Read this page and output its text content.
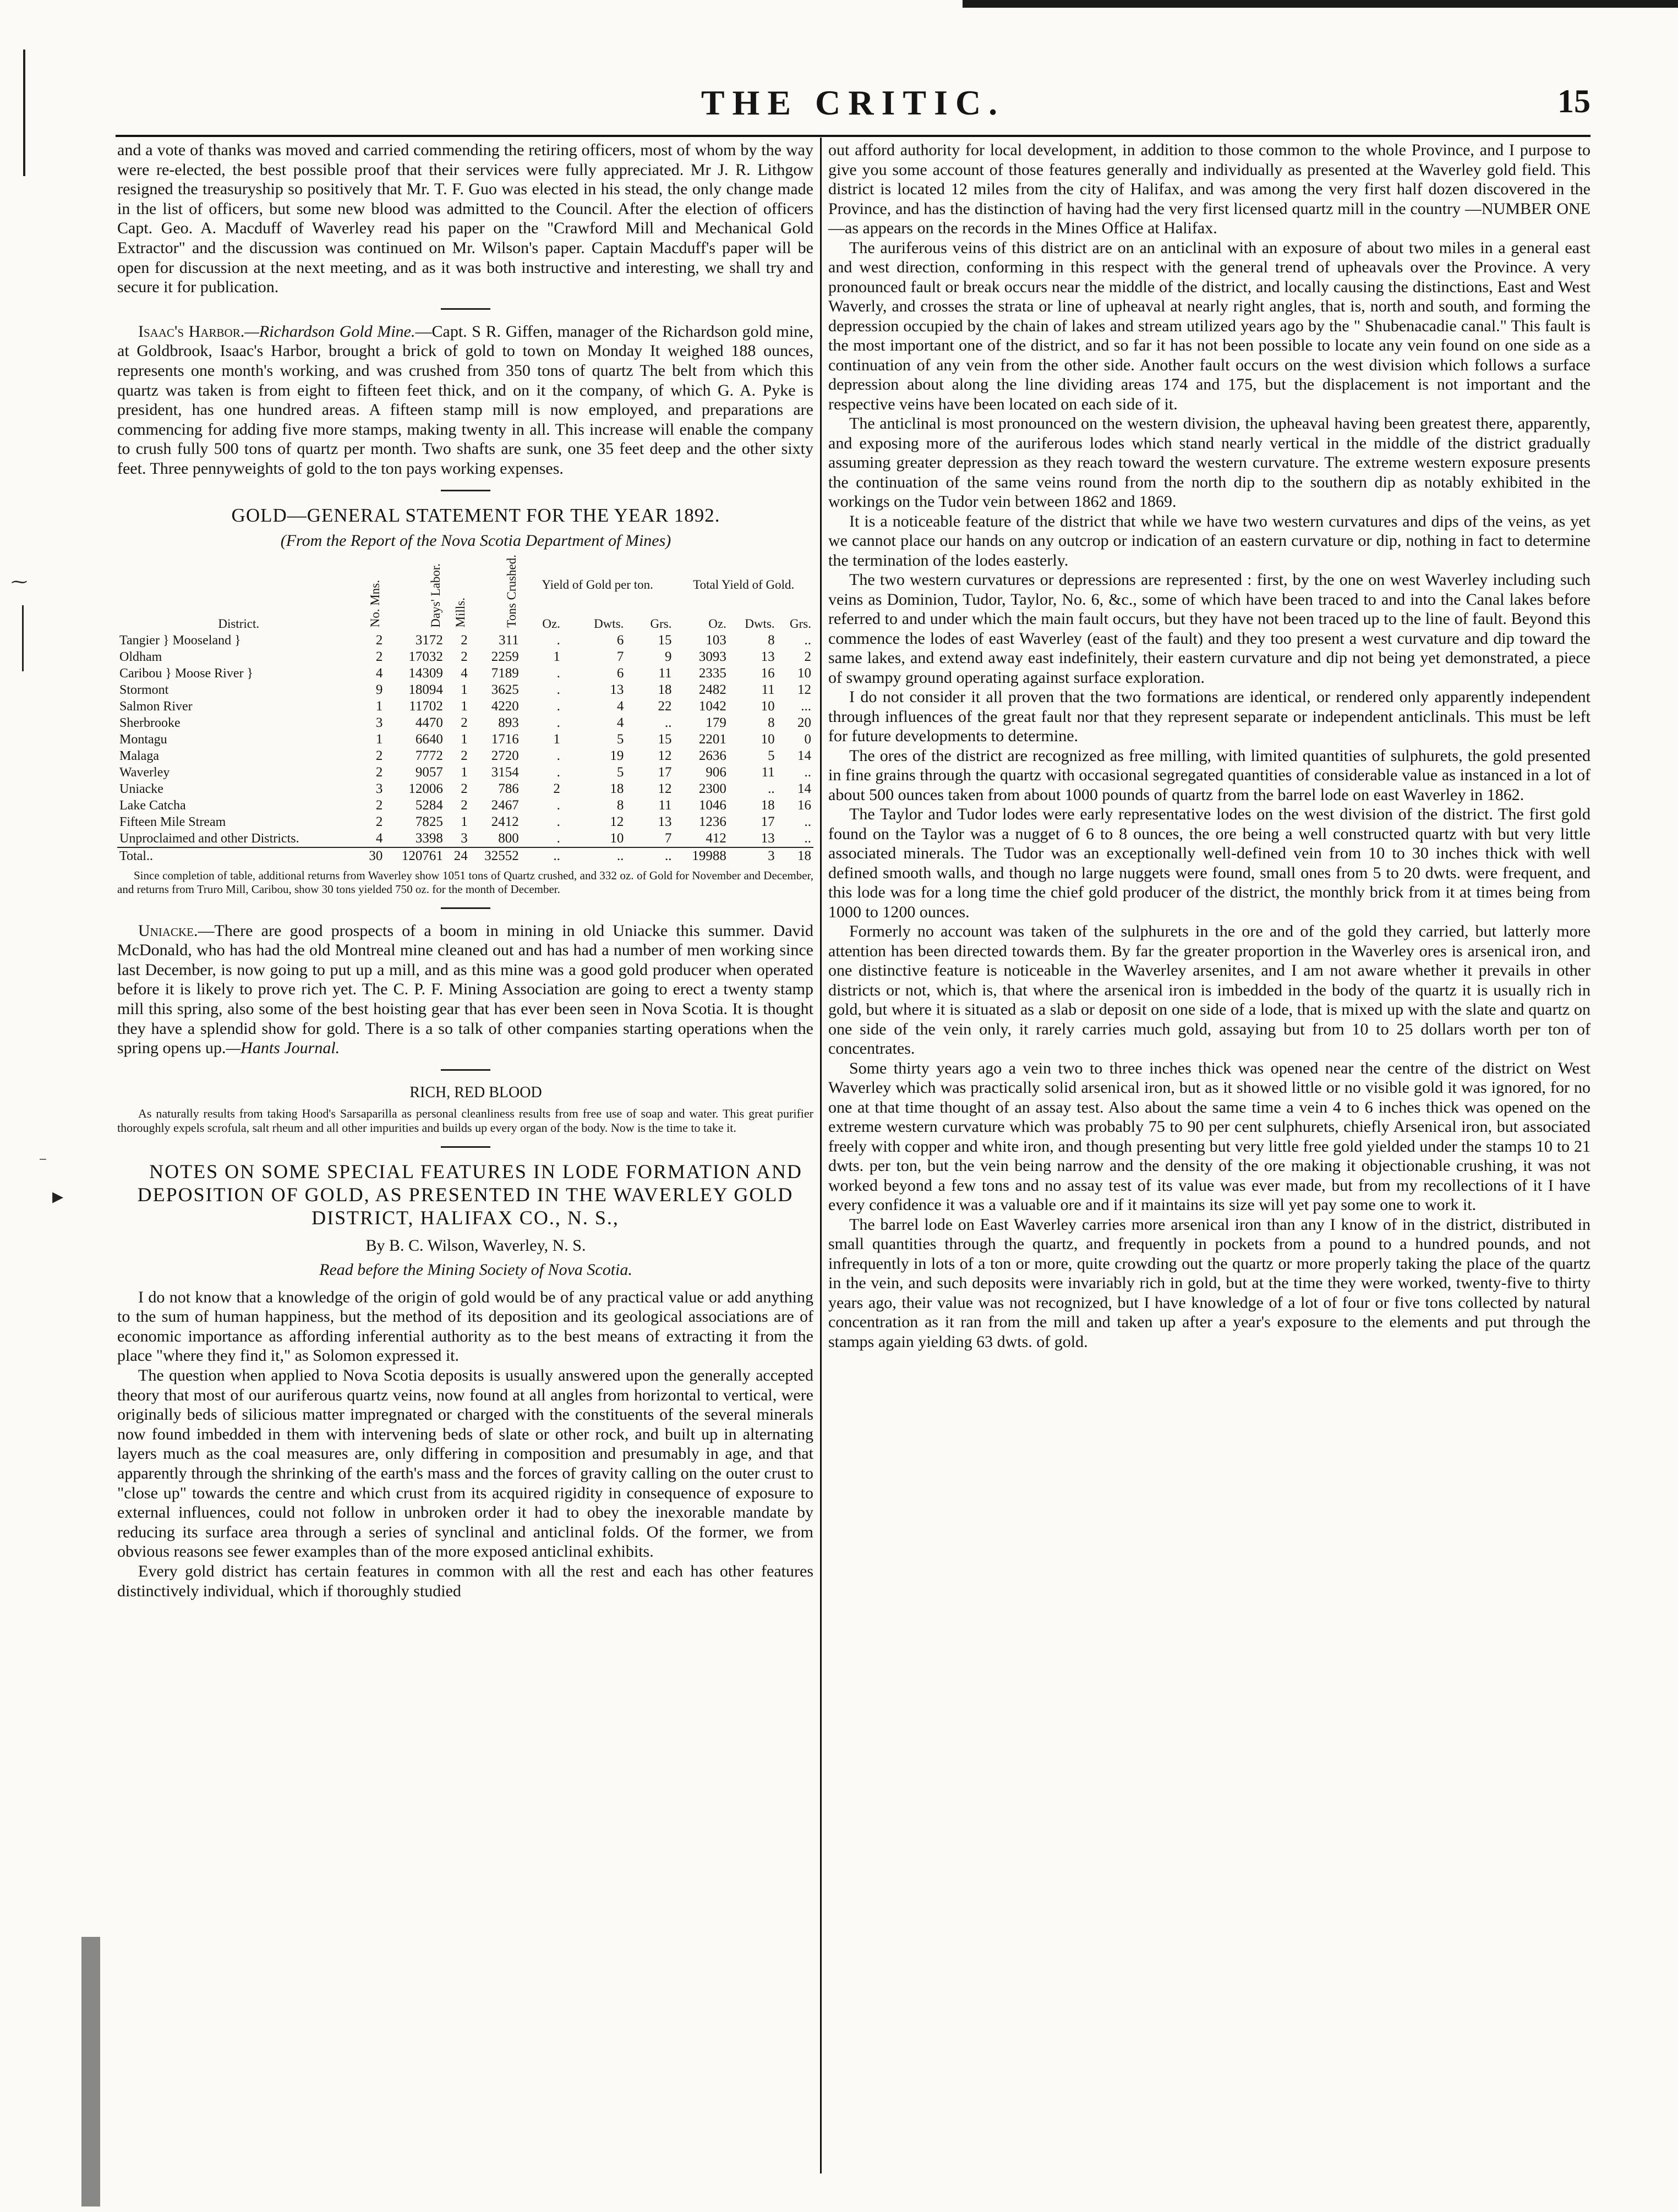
▸
⁻
⁓
THE CRITIC.	15

and a vote of thanks was moved and carried commending the retiring officers, most of whom by the way were re-elected, the best possible proof that their services were fully appreciated. Mr J. R. Lithgow resigned the treasuryship so positively that Mr. T. F. Guo was elected in his stead, the only change made in the list of officers, but some new blood was admitted to the Council. After the election of officers Capt. Geo. A. Macduff of Waverley read his paper on the "Crawford Mill and Mechanical Gold Extractor" and the discussion was continued on Mr. Wilson's paper. Captain Macduff's paper will be open for discussion at the next meeting, and as it was both instructive and interesting, we shall try and secure it for publication.

Isaac's Harbor.—Richardson Gold Mine.—Capt. S R. Giffen, manager of the Richardson gold mine, at Goldbrook, Isaac's Harbor, brought a brick of gold to town on Monday It weighed 188 ounces, represents one month's working, and was crushed from 350 tons of quartz The belt from which this quartz was taken is from eight to fifteen feet thick, and on it the company, of which G. A. Pyke is president, has one hundred areas. A fifteen stamp mill is now employed, and preparations are commencing for adding five more stamps, making twenty in all. This increase will enable the company to crush fully 500 tons of quartz per month. Two shafts are sunk, one 35 feet deep and the other sixty feet. Three pennyweights of gold to the ton pays working expenses.

GOLD—GENERAL STATEMENT FOR THE YEAR 1892.

(From the Report of the Nova Scotia Department of Mines)

District.	No. Mns.	Days' Labor.	Mills.	Tons Crushed.	Yield of Gold per ton.			Total Yield of Gold.		
					Oz.	Dwts.	Grs.	Oz.	Dwts.	Grs.
Tangier } Mooseland }	2	3172	2	311	.	6	15	103	8	..
Oldham	2	17032	2	2259	1	7	9	3093	13	2
Caribou } Moose River }	4	14309	4	7189	.	6	11	2335	16	10
Stormont	9	18094	1	3625	.	13	18	2482	11	12
Salmon River	1	11702	1	4220	.	4	22	1042	10	...
Sherbrooke	3	4470	2	893	.	4	..	179	8	20
Montagu	1	6640	1	1716	1	5	15	2201	10	0
Malaga	2	7772	2	2720	.	19	12	2636	5	14
Waverley	2	9057	1	3154	.	5	17	906	11	..
Uniacke	3	12006	2	786	2	18	12	2300	..	14
Lake Catcha	2	5284	2	2467	.	8	11	1046	18	16
Fifteen Mile Stream	2	7825	1	2412	.	12	13	1236	17	..
Unproclaimed and other Districts.	4	3398	3	800	.	10	7	412	13	..
Total..	30	120761	24	32552	..	..	..	19988	3	18

Since completion of table, additional returns from Waverley show 1051 tons of Quartz crushed, and 332 oz. of Gold for November and December, and returns from Truro Mill, Caribou, show 30 tons yielded 750 oz. for the month of December.

Uniacke.—There are good prospects of a boom in mining in old Uniacke this summer. David McDonald, who has had the old Montreal mine cleaned out and has had a number of men working since last December, is now going to put up a mill, and as this mine was a good gold producer when operated before it is likely to prove rich yet. The C. P. F. Mining Association are going to erect a twenty stamp mill this spring, also some of the best hoisting gear that has ever been seen in Nova Scotia. It is thought they have a splendid show for gold. There is a so talk of other companies starting operations when the spring opens up.—Hants Journal.

RICH, RED BLOOD

As naturally results from taking Hood's Sarsaparilla as personal cleanliness results from free use of soap and water. This great purifier thoroughly expels scrofula, salt rheum and all other impurities and builds up every organ of the body. Now is the time to take it.

NOTES ON SOME SPECIAL FEATURES IN LODE FORMATION AND DEPOSITION OF GOLD, AS PRESENTED IN THE WAVERLEY GOLD DISTRICT, HALIFAX CO., N. S.,

By B. C. Wilson, Waverley, N. S.

Read before the Mining Society of Nova Scotia.

I do not know that a knowledge of the origin of gold would be of any practical value or add anything to the sum of human happiness, but the method of its deposition and its geological associations are of economic importance as affording inferential authority as to the best means of extracting it from the place "where they find it," as Solomon expressed it.

The question when applied to Nova Scotia deposits is usually answered upon the generally accepted theory that most of our auriferous quartz veins, now found at all angles from horizontal to vertical, were originally beds of silicious matter impregnated or charged with the constituents of the several minerals now found imbedded in them with intervening beds of slate or other rock, and built up in alternating layers much as the coal measures are, only differing in composition and presumably in age, and that apparently through the shrinking of the earth's mass and the forces of gravity calling on the outer crust to "close up" towards the centre and which crust from its acquired rigidity in consequence of exposure to external influences, could not follow in unbroken order it had to obey the inexorable mandate by reducing its surface area through a series of synclinal and anticlinal folds. Of the former, we from obvious reasons see fewer examples than of the more exposed anticlinal exhibits.

Every gold district has certain features in common with all the rest and each has other features distinctively individual, which if thoroughly studied

out afford authority for local development, in addition to those common to the whole Province, and I purpose to give you some account of those features generally and individually as presented at the Waverley gold field. This district is located 12 miles from the city of Halifax, and was among the very first half dozen discovered in the Province, and has the distinction of having had the very first licensed quartz mill in the country —NUMBER ONE—as appears on the records in the Mines Office at Halifax.

The auriferous veins of this district are on an anticlinal with an exposure of about two miles in a general east and west direction, conforming in this respect with the general trend of upheavals over the Province. A very pronounced fault or break occurs near the middle of the district, and locally causing the distinctions, East and West Waverly, and crosses the strata or line of upheaval at nearly right angles, that is, north and south, and forming the depression occupied by the chain of lakes and stream utilized years ago by the " Shubenacadie canal." This fault is the most important one of the district, and so far it has not been possible to locate any vein found on one side as a continuation of any vein from the other side. Another fault occurs on the west division which follows a surface depression about along the line dividing areas 174 and 175, but the displacement is not important and the respective veins have been located on each side of it.

The anticlinal is most pronounced on the western division, the upheaval having been greatest there, apparently, and exposing more of the auriferous lodes which stand nearly vertical in the middle of the district gradually assuming greater depression as they reach toward the western curvature. The extreme western exposure presents the continuation of the same veins round from the north dip to the southern dip as notably exhibited in the workings on the Tudor vein between 1862 and 1869.

It is a noticeable feature of the district that while we have two western curvatures and dips of the veins, as yet we cannot place our hands on any outcrop or indication of an eastern curvature or dip, nothing in fact to determine the termination of the lodes easterly.

The two western curvatures or depressions are represented : first, by the one on west Waverley including such veins as Dominion, Tudor, Taylor, No. 6, &c., some of which have been traced to and into the Canal lakes before referred to and under which the main fault occurs, but they have not been traced up to the line of fault. Beyond this commence the lodes of east Waverley (east of the fault) and they too present a west curvature and dip toward the same lakes, and extend away east indefinitely, their eastern curvature and dip not being yet demonstrated, a piece of swampy ground operating against surface exploration.

I do not consider it all proven that the two formations are identical, or rendered only apparently independent through influences of the great fault nor that they represent separate or independent anticlinals. This must be left for future developments to determine.

The ores of the district are recognized as free milling, with limited quantities of sulphurets, the gold presented in fine grains through the quartz with occasional segregated quantities of considerable value as instanced in a lot of about 500 ounces taken from about 1000 pounds of quartz from the barrel lode on east Waverley in 1862.

The Taylor and Tudor lodes were early representative lodes on the west division of the district. The first gold found on the Taylor was a nugget of 6 to 8 ounces, the ore being a well constructed quartz with but very little associated minerals. The Tudor was an exceptionally well-defined vein from 10 to 30 inches thick with well defined smooth walls, and though no large nuggets were found, small ones from 5 to 20 dwts. were frequent, and this lode was for a long time the chief gold producer of the district, the monthly brick from it at times being from 1000 to 1200 ounces.

Formerly no account was taken of the sulphurets in the ore and of the gold they carried, but latterly more attention has been directed towards them. By far the greater proportion in the Waverley ores is arsenical iron, and one distinctive feature is noticeable in the Waverley arsenites, and I am not aware whether it prevails in other districts or not, which is, that where the arsenical iron is imbedded in the body of the quartz it is usually rich in gold, but where it is situated as a slab or deposit on one side of a lode, that is mixed up with the slate and quartz on one side of the vein only, it rarely carries much gold, assaying but from 10 to 25 dollars worth per ton of concentrates.

Some thirty years ago a vein two to three inches thick was opened near the centre of the district on West Waverley which was practically solid arsenical iron, but as it showed little or no visible gold it was ignored, for no one at that time thought of an assay test. Also about the same time a vein 4 to 6 inches thick was opened on the extreme western curvature which was probably 75 to 90 per cent sulphurets, chiefly Arsenical iron, but associated freely with copper and white iron, and though presenting but very little free gold yielded under the stamps 10 to 21 dwts. per ton, but the vein being narrow and the density of the ore making it objectionable crushing, it was not worked beyond a few tons and no assay test of its value was ever made, but from my recollections of it I have every confidence it was a valuable ore and if it maintains its size will yet pay some one to work it.

The barrel lode on East Waverley carries more arsenical iron than any I know of in the district, distributed in small quantities through the quartz, and frequently in pockets from a pound to a hundred pounds, and not infrequently in lots of a ton or more, quite crowding out the quartz or more properly taking the place of the quartz in the vein, and such deposits were invariably rich in gold, but at the time they were worked, twenty-five to thirty years ago, their value was not recognized, but I have knowledge of a lot of four or five tons collected by natural concentration as it ran from the mill and taken up after a year's exposure to the elements and put through the stamps again yielding 63 dwts. of gold.
